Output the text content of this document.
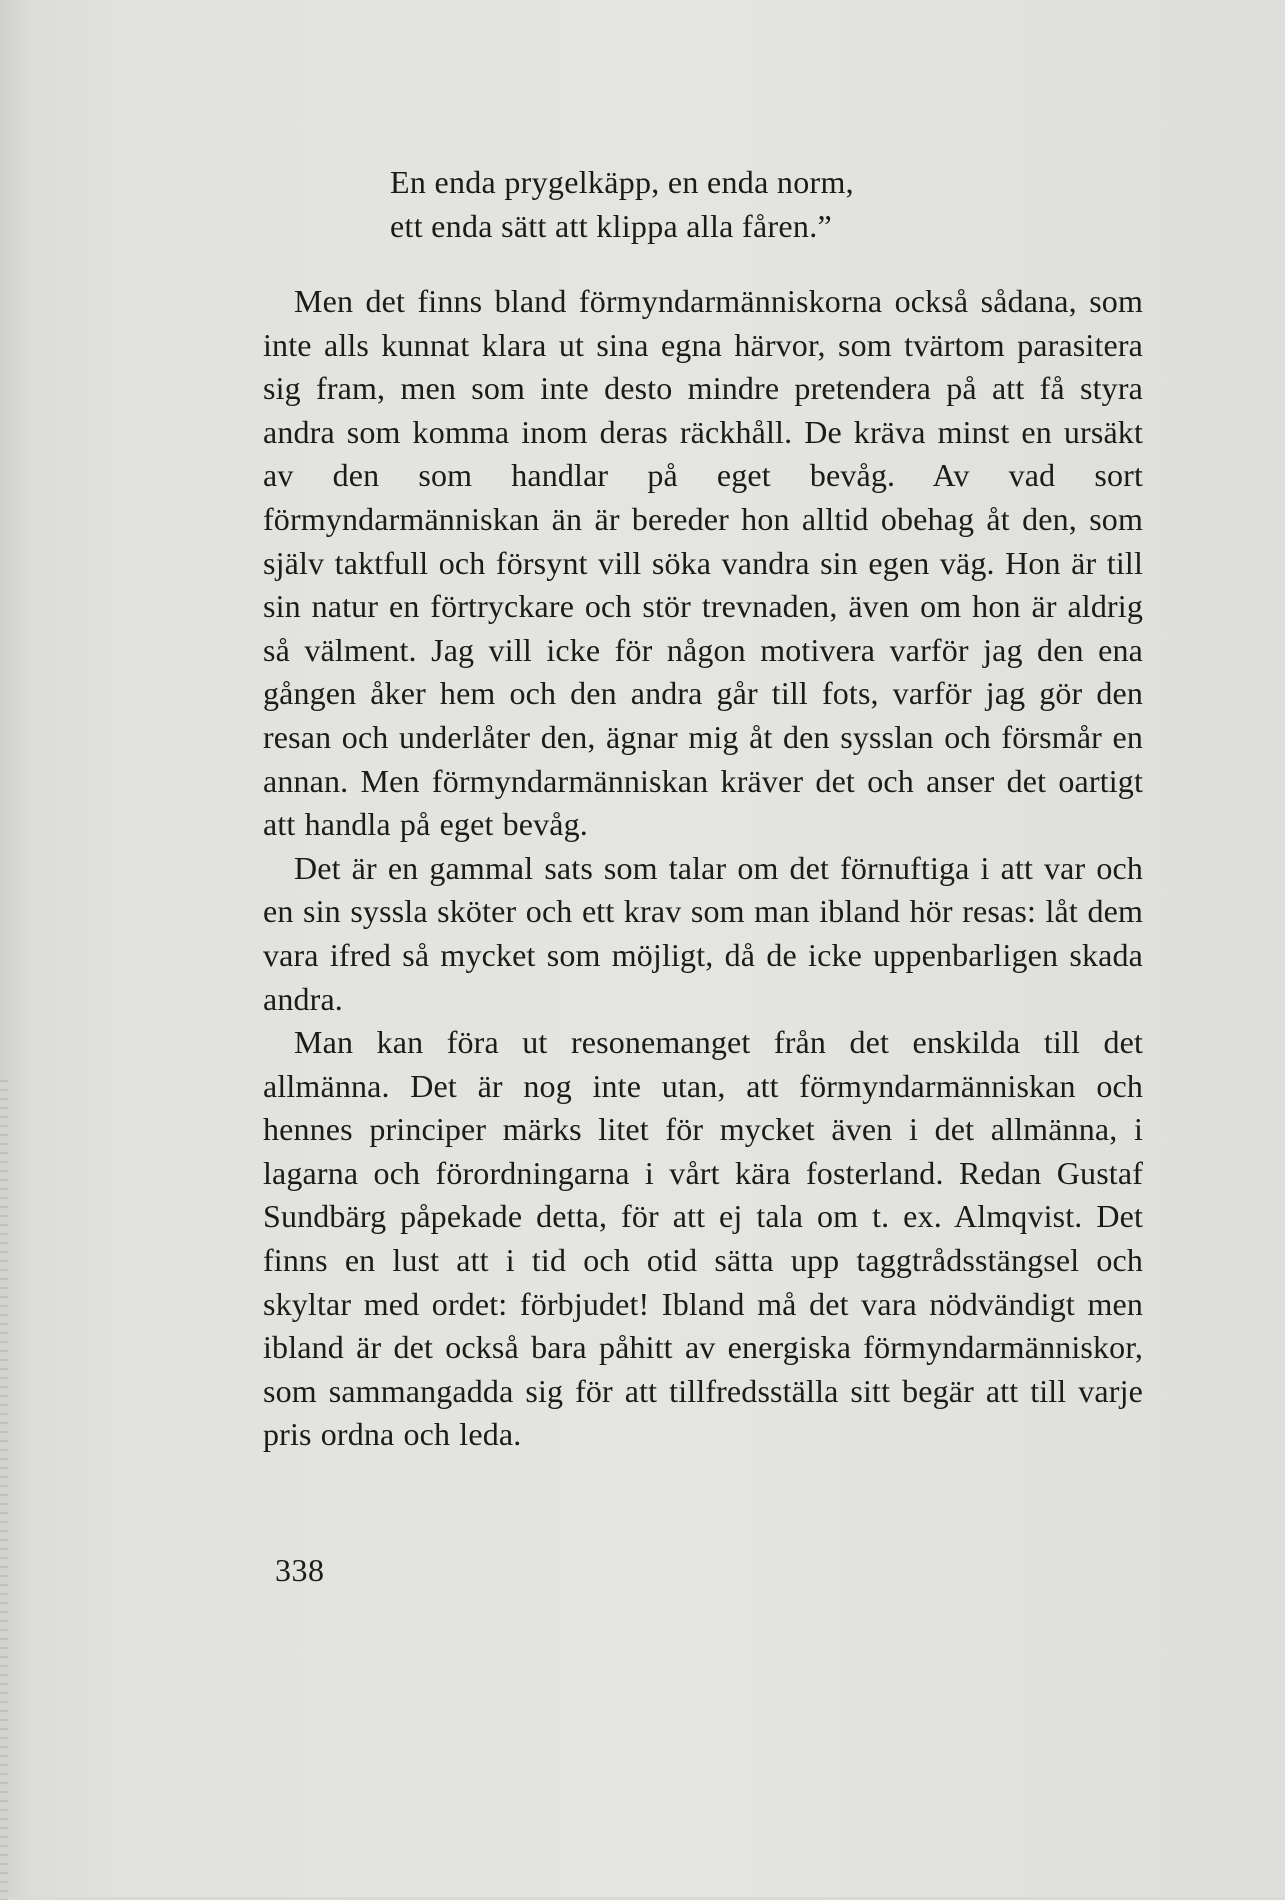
En enda prygelkäpp, en enda norm,
ett enda sätt att klippa alla fåren.”

Men det finns bland förmyndarmänniskorna också sådana, som inte alls kunnat klara ut sina egna härvor, som tvärtom parasitera sig fram, men som inte desto mindre pretendera på att få styra andra som komma inom deras räckhåll. De kräva minst en ursäkt av den som handlar på eget bevåg. Av vad sort förmyndarmänniskan än är bereder hon alltid obehag åt den, som själv taktfull och försynt vill söka vandra sin egen väg. Hon är till sin natur en förtryckare och stör trevnaden, även om hon är aldrig så välment. Jag vill icke för någon motivera varför jag den ena gången åker hem och den andra går till fots, varför jag gör den resan och underlåter den, ägnar mig åt den sysslan och försmår en annan. Men förmyndarmänniskan kräver det och anser det oartigt att handla på eget bevåg.

Det är en gammal sats som talar om det förnuftiga i att var och en sin syssla sköter och ett krav som man ibland hör resas: låt dem vara ifred så mycket som möjligt, då de icke uppenbarligen skada andra.

Man kan föra ut resonemanget från det enskilda till det allmänna. Det är nog inte utan, att förmyndarmänniskan och hennes principer märks litet för mycket även i det allmänna, i lagarna och förordningarna i vårt kära fosterland. Redan Gustaf Sundbärg påpekade detta, för att ej tala om t. ex. Almqvist. Det finns en lust att i tid och otid sätta upp taggtrådsstängsel och skyltar med ordet: förbjudet! Ibland må det vara nödvändigt men ibland är det också bara påhitt av energiska förmyndarmänniskor, som sammangadda sig för att tillfredsställa sitt begär att till varje pris ordna och leda.

338
